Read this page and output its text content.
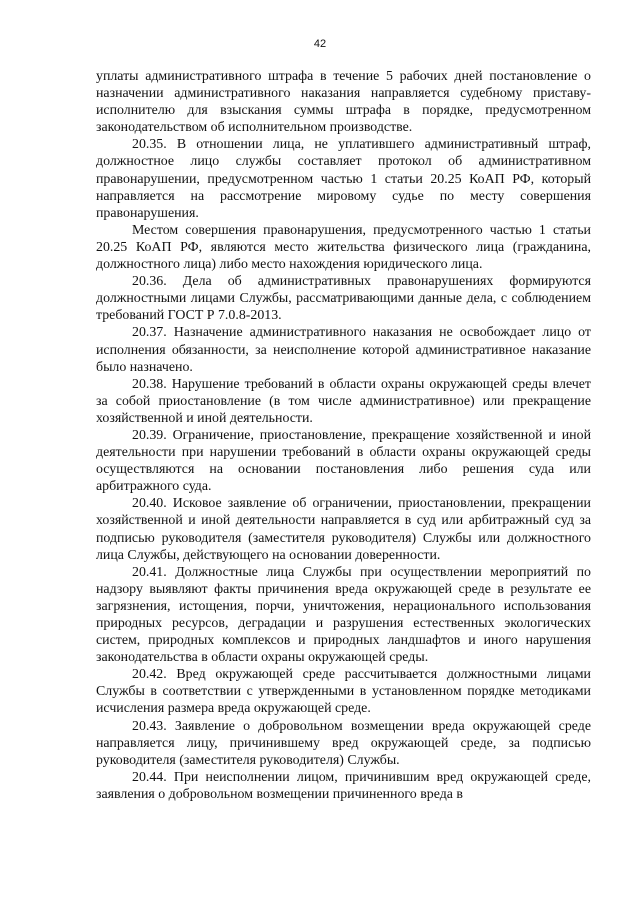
42

уплаты административного штрафа в течение 5 рабочих дней постановление о назначении административного наказания направляется судебному приставу-исполнителю для взыскания суммы штрафа в порядке, предусмотренном законодательством об исполнительном производстве.

20.35. В отношении лица, не уплатившего административный штраф, должностное лицо службы составляет протокол об административном правонарушении, предусмотренном частью 1 статьи 20.25 КоАП РФ, который направляется на рассмотрение мировому судье по месту совершения правонарушения.

Местом совершения правонарушения, предусмотренного частью 1 статьи 20.25 КоАП РФ, являются место жительства физического лица (гражданина, должностного лица) либо место нахождения юридического лица.

20.36. Дела об административных правонарушениях формируются должностными лицами Службы, рассматривающими данные дела, с соблюдением требований ГОСТ Р 7.0.8-2013.

20.37. Назначение административного наказания не освобождает лицо от исполнения обязанности, за неисполнение которой административное наказание было назначено.

20.38. Нарушение требований в области охраны окружающей среды влечет за собой приостановление (в том числе административное) или прекращение хозяйственной и иной деятельности.

20.39. Ограничение, приостановление, прекращение хозяйственной и иной деятельности при нарушении требований в области охраны окружающей среды осуществляются на основании постановления либо решения суда или арбитражного суда.

20.40. Исковое заявление об ограничении, приостановлении, прекращении хозяйственной и иной деятельности направляется в суд или арбитражный суд за подписью руководителя (заместителя руководителя) Службы или должностного лица Службы, действующего на основании доверенности.

20.41. Должностные лица Службы при осуществлении мероприятий по надзору выявляют факты причинения вреда окружающей среде в результате ее загрязнения, истощения, порчи, уничтожения, нерационального использования природных ресурсов, деградации и разрушения естественных экологических систем, природных комплексов и природных ландшафтов и иного нарушения законодательства в области охраны окружающей среды.

20.42. Вред окружающей среде рассчитывается должностными лицами Службы в соответствии с утвержденными в установленном порядке методиками исчисления размера вреда окружающей среде.

20.43. Заявление о добровольном возмещении вреда окружающей среде направляется лицу, причинившему вред окружающей среде, за подписью руководителя (заместителя руководителя) Службы.

20.44. При неисполнении лицом, причинившим вред окружающей среде, заявления о добровольном возмещении причиненного вреда в
